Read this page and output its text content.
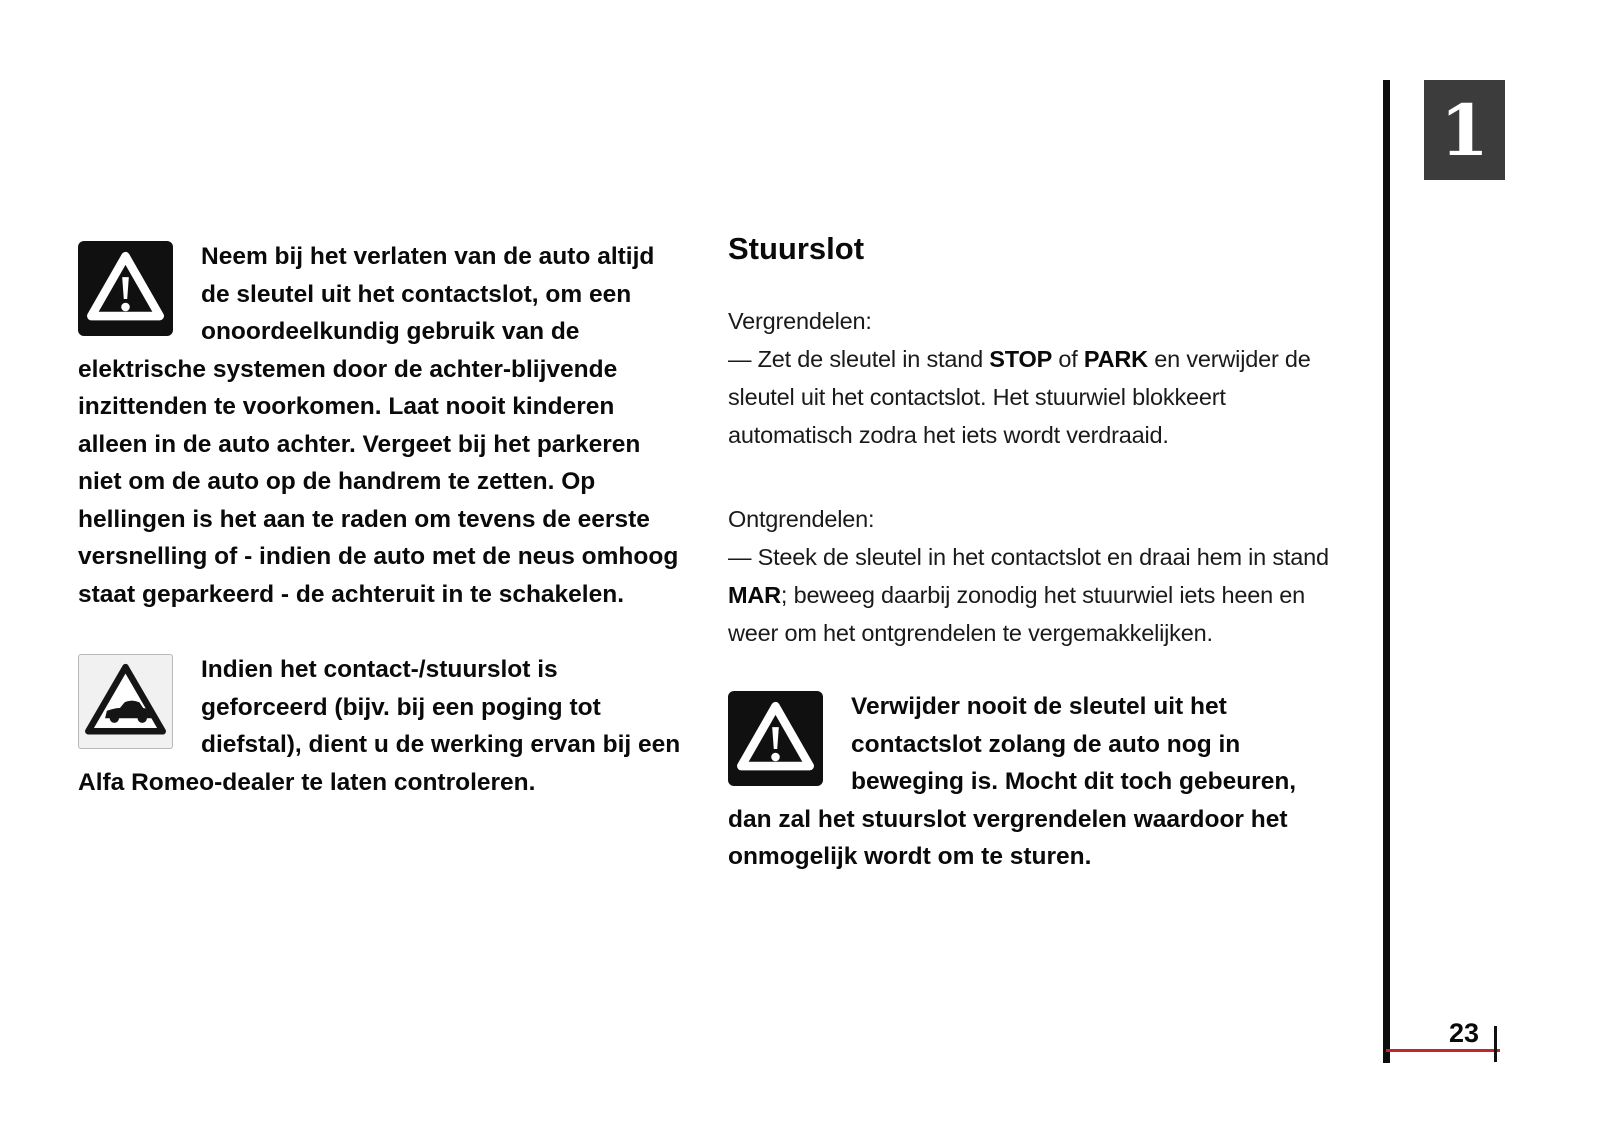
1

Neem bij het verlaten van de auto altijd de sleutel uit het contactslot, om een onoordeelkundig gebruik van de elektrische systemen door de achter-blijvende inzittenden te voorkomen. Laat nooit kinderen alleen in de auto achter. Vergeet bij het parkeren niet om de auto op de handrem te zetten. Op hellingen is het aan te raden om tevens de eerste versnelling of - indien de auto met de neus omhoog staat geparkeerd - de achteruit in te schakelen.

Indien het contact-/stuurslot is geforceerd (bijv. bij een poging tot diefstal), dient u de werking ervan bij een Alfa Romeo-dealer te laten controleren.

Stuurslot

Vergrendelen:

— Zet de sleutel in stand STOP of PARK en verwijder de sleutel uit het contactslot. Het stuurwiel blokkeert automatisch zodra het iets wordt verdraaid.

Ontgrendelen:

— Steek de sleutel in het contactslot en draai hem in stand MAR; beweeg daarbij zonodig het stuurwiel iets heen en weer om het ontgrendelen te vergemakkelijken.

Verwijder nooit de sleutel uit het contactslot zolang de auto nog in beweging is. Mocht dit toch gebeuren, dan zal het stuurslot vergrendelen waardoor het onmogelijk wordt om te sturen.

23
